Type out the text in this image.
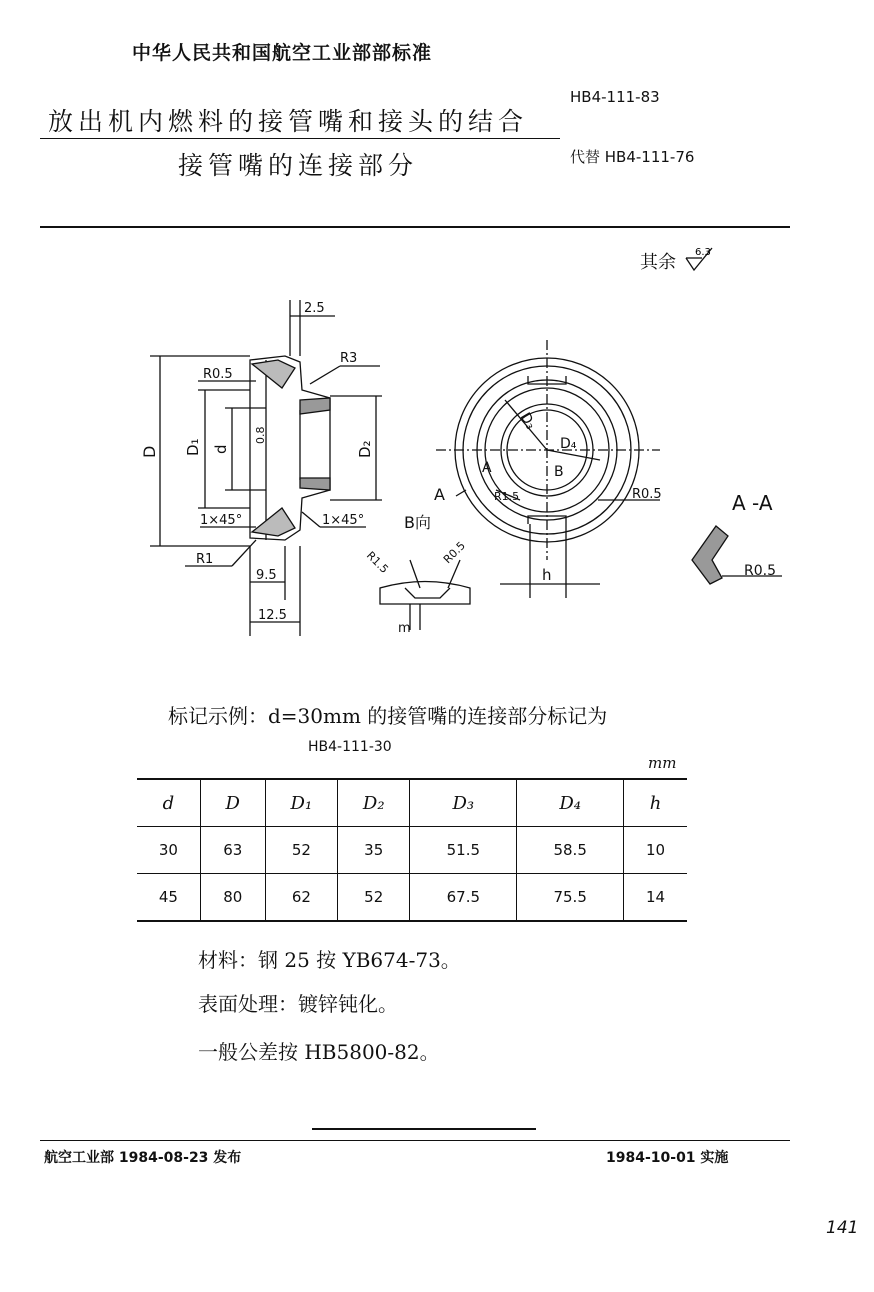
中华人民共和国航空工业部部标准
放出机内燃料的接管嘴和接头的结合
接管嘴的连接部分
HB4-111-83
代替 HB4-111-76
其余 6.3
2.5
R3
R0.5
D D₁ d
0.8
D₂
1×45°	1×45°
R1
9.5
12.5
D₃
D₄
A	B
A	R1.5	R0.5
h
B向
R1.5	R0.5
m
A -A
R0.5
标记示例：d=30mm 的接管嘴的连接部分标记为
HB4-111-30
mm
d	D	D₁	D₂	D₃	D₄	h
30	63	52	35	51.5	58.5	10
45	80	62	52	67.5	75.5	14
材料：钢 25 按 YB674-73。
表面处理：镀锌钝化。
一般公差按 HB5800-82。
航空工业部 1984-08-23 发布	1984-10-01 实施
141
